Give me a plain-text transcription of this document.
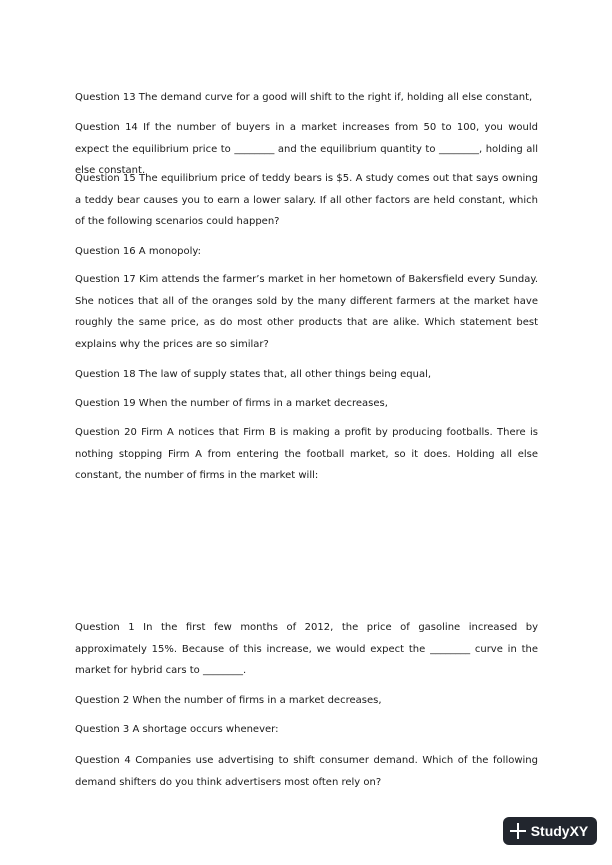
Question 13 The demand curve for a good will shift to the right if, holding all else constant,

Question 14 If the number of buyers in a market increases from 50 to 100, you would expect the equilibrium price to ________ and the equilibrium quantity to ________, holding all else constant.

Question 15 The equilibrium price of teddy bears is $5. A study comes out that says owning a teddy bear causes you to earn a lower salary. If all other factors are held constant, which of the following scenarios could happen?

Question 16 A monopoly:

Question 17 Kim attends the farmer’s market in her hometown of Bakersfield every Sunday. She notices that all of the oranges sold by the many different farmers at the market have roughly the same price, as do most other products that are alike. Which statement best explains why the prices are so similar?

Question 18 The law of supply states that, all other things being equal,

Question 19 When the number of firms in a market decreases,

Question 20 Firm A notices that Firm B is making a profit by producing footballs. There is nothing stopping Firm A from entering the football market, so it does. Holding all else constant, the number of firms in the market will:

Question 1 In the first few months of 2012, the price of gasoline increased by approximately 15%. Because of this increase, we would expect the ________ curve in the market for hybrid cars to ________.

Question 2 When the number of firms in a market decreases,

Question 3 A shortage occurs whenever:

Question 4 Companies use advertising to shift consumer demand. Which of the following demand shifters do you think advertisers most often rely on?

Study XY
